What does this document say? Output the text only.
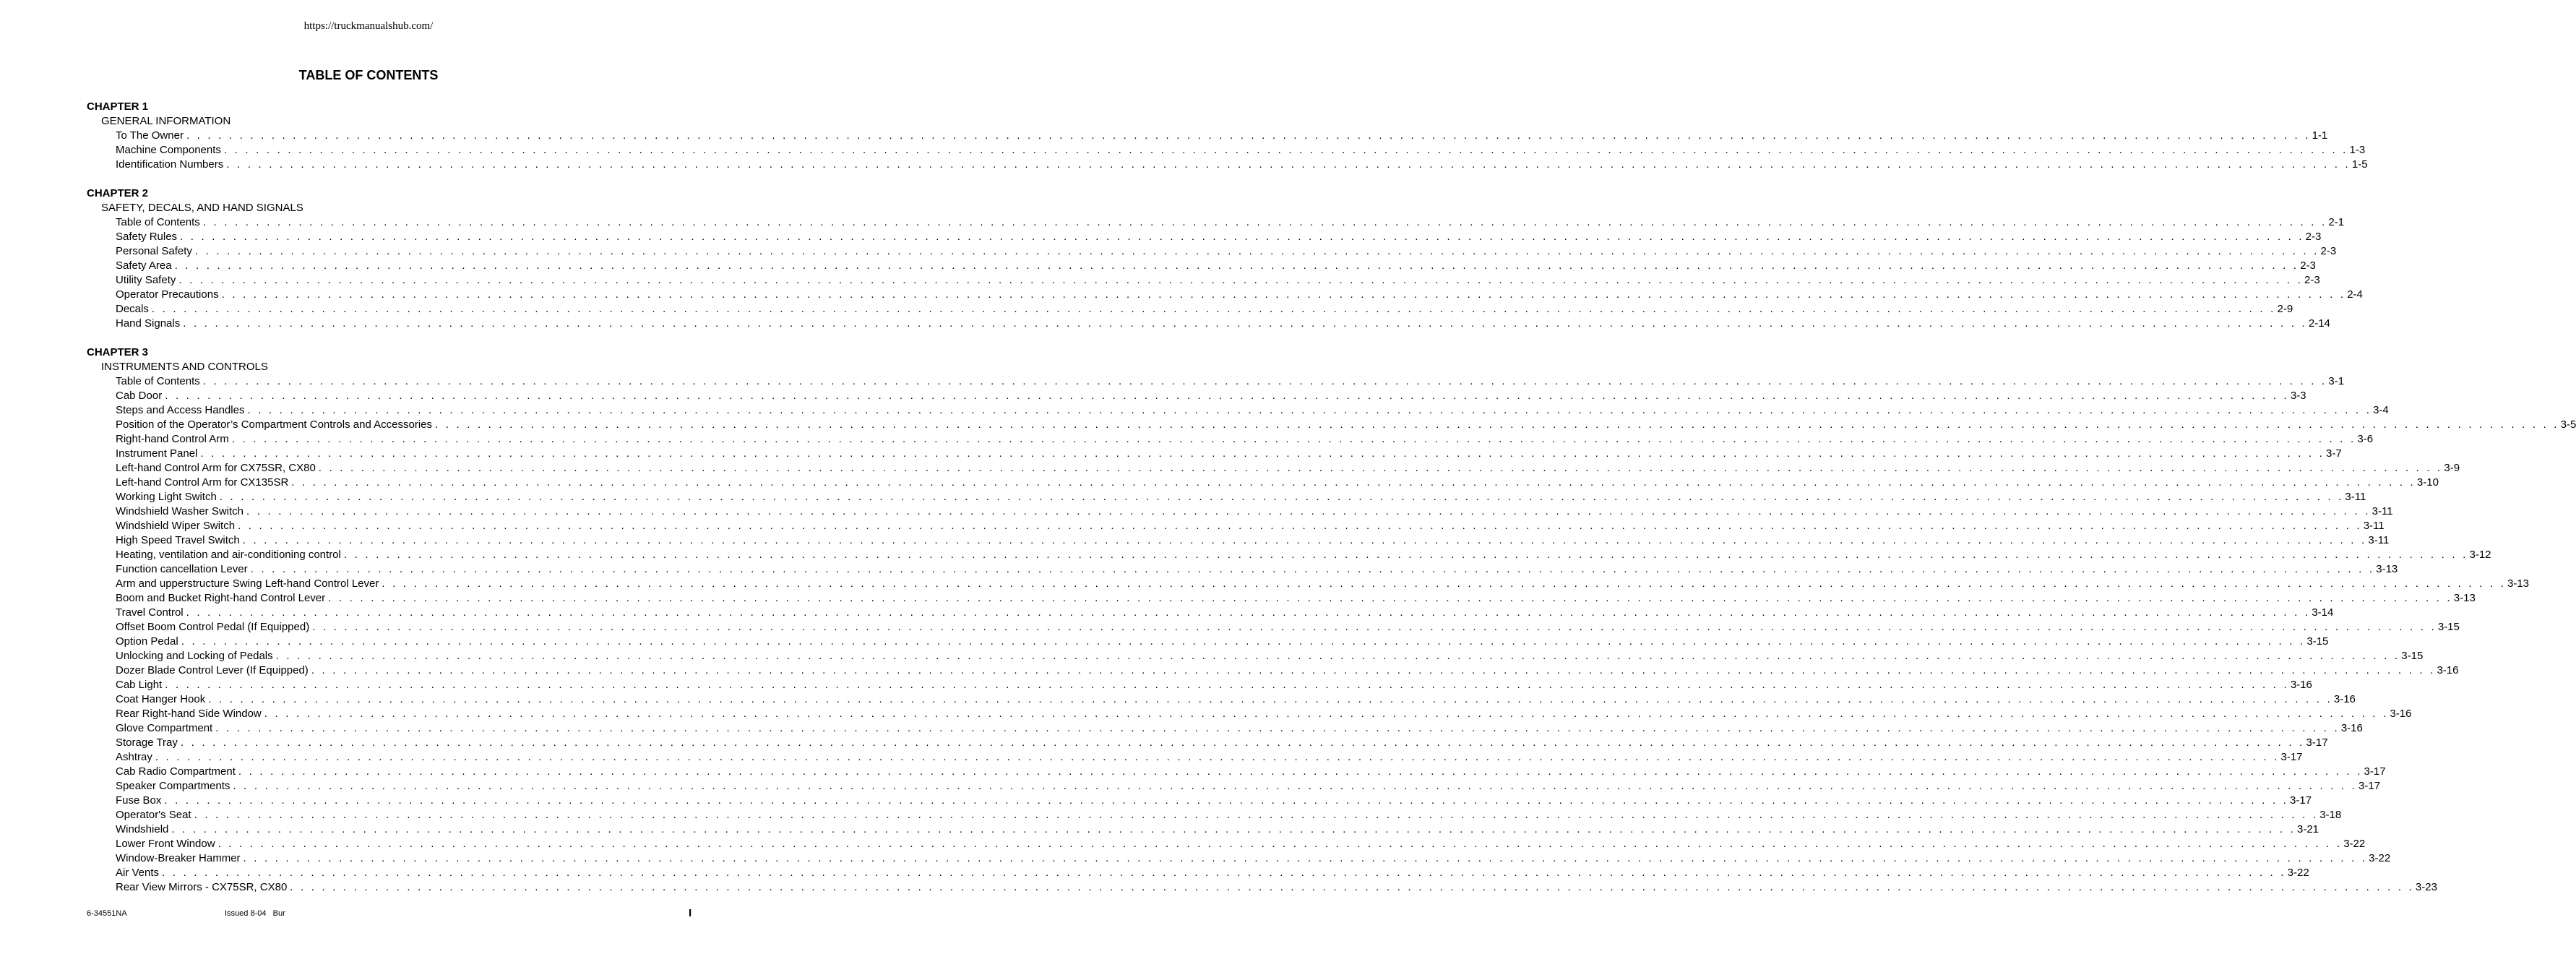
https://truckmanualshub.com/
TABLE OF CONTENTS
CHAPTER 1
GENERAL INFORMATION
To The Owner . . . . . . . . . . . . . . . . . . . . . . . . . . . . . . . . . . . . . . . . . . . . . . . . . . . . . . . . . . . . . . . . . . . . . . . . . . . . . . . . . . . . . . . . . . . . . . . . . . . . . . . . . . . . . . . . . . . . . . . . . . . . . . . . . . . . . . . . . . . . . . . . . . . . . . . . . . . . . . . . . . . . . . . . . . . . . . . . . . . . . . . . . . . . . . . . . . . . . . . . 1-1
Machine Components . . . . . . . . . . . . . . . . . . . . . . . . . . . . . . . . . . . . . . . . . . . . . . . . . . . . . . . . . . . . . . . . . . . . . . . . . . . . . . . . . . . . . . . . . . . . . . . . . . . . . . . . . . . . . . . . . . . . . . . . . . . . . . . . . . . . . . . . . . . . . . . . . . . . . . . . . . . . . . . . . . . . . . . . . . . . . . . . . . . . . . . . . . . . . . . . . . . . . . . . 1-3
Identification Numbers . . . . . . . . . . . . . . . . . . . . . . . . . . . . . . . . . . . . . . . . . . . . . . . . . . . . . . . . . . . . . . . . . . . . . . . . . . . . . . . . . . . . . . . . . . . . . . . . . . . . . . . . . . . . . . . . . . . . . . . . . . . . . . . . . . . . . . . . . . . . . . . . . . . . . . . . . . . . . . . . . . . . . . . . . . . . . . . . . . . . . . . . . . . . . . . . . . . . . . . . 1-5
CHAPTER 2
SAFETY, DECALS, AND HAND SIGNALS
Table of Contents . . . . . . . . . . . . . . . . . . . . . . . . . . . . . . . . . . . . . . . . . . . . . . . . . . . . . . . . . . . . . . . . . . . . . . . . . . . . . . . . . . . . . . . . . . . . . . . . . . . . . . . . . . . . . . . . . . . . . . . . . . . . . . . . . . . . . . . . . . . . . . . . . . . . . . . . . . . . . . . . . . . . . . . . . . . . . . . . . . . . . . . . . . . . . . . . . . . . . . . . 2-1
Safety Rules . . . . . . . . . . . . . . . . . . . . . . . . . . . . . . . . . . . . . . . . . . . . . . . . . . . . . . . . . . . . . . . . . . . . . . . . . . . . . . . . . . . . . . . . . . . . . . . . . . . . . . . . . . . . . . . . . . . . . . . . . . . . . . . . . . . . . . . . . . . . . . . . . . . . . . . . . . . . . . . . . . . . . . . . . . . . . . . . . . . . . . . . . . . . . . . . . . . . . . . . 2-3
Personal Safety . . . . . . . . . . . . . . . . . . . . . . . . . . . . . . . . . . . . . . . . . . . . . . . . . . . . . . . . . . . . . . . . . . . . . . . . . . . . . . . . . . . . . . . . . . . . . . . . . . . . . . . . . . . . . . . . . . . . . . . . . . . . . . . . . . . . . . . . . . . . . . . . . . . . . . . . . . . . . . . . . . . . . . . . . . . . . . . . . . . . . . . . . . . . . . . . . . . . . . . . 2-3
Safety Area . . . . . . . . . . . . . . . . . . . . . . . . . . . . . . . . . . . . . . . . . . . . . . . . . . . . . . . . . . . . . . . . . . . . . . . . . . . . . . . . . . . . . . . . . . . . . . . . . . . . . . . . . . . . . . . . . . . . . . . . . . . . . . . . . . . . . . . . . . . . . . . . . . . . . . . . . . . . . . . . . . . . . . . . . . . . . . . . . . . . . . . . . . . . . . . . . . . . . . . . 2-3
Utility Safety . . . . . . . . . . . . . . . . . . . . . . . . . . . . . . . . . . . . . . . . . . . . . . . . . . . . . . . . . . . . . . . . . . . . . . . . . . . . . . . . . . . . . . . . . . . . . . . . . . . . . . . . . . . . . . . . . . . . . . . . . . . . . . . . . . . . . . . . . . . . . . . . . . . . . . . . . . . . . . . . . . . . . . . . . . . . . . . . . . . . . . . . . . . . . . . . . . . . . . . . 2-3
Operator Precautions . . . . . . . . . . . . . . . . . . . . . . . . . . . . . . . . . . . . . . . . . . . . . . . . . . . . . . . . . . . . . . . . . . . . . . . . . . . . . . . . . . . . . . . . . . . . . . . . . . . . . . . . . . . . . . . . . . . . . . . . . . . . . . . . . . . . . . . . . . . . . . . . . . . . . . . . . . . . . . . . . . . . . . . . . . . . . . . . . . . . . . . . . . . . . . . . . . . . . . . . 2-4
Decals . . . . . . . . . . . . . . . . . . . . . . . . . . . . . . . . . . . . . . . . . . . . . . . . . . . . . . . . . . . . . . . . . . . . . . . . . . . . . . . . . . . . . . . . . . . . . . . . . . . . . . . . . . . . . . . . . . . . . . . . . . . . . . . . . . . . . . . . . . . . . . . . . . . . . . . . . . . . . . . . . . . . . . . . . . . . . . . . . . . . . . . . . . . . . . . . . . . . . . . . 2-9
Hand Signals . . . . . . . . . . . . . . . . . . . . . . . . . . . . . . . . . . . . . . . . . . . . . . . . . . . . . . . . . . . . . . . . . . . . . . . . . . . . . . . . . . . . . . . . . . . . . . . . . . . . . . . . . . . . . . . . . . . . . . . . . . . . . . . . . . . . . . . . . . . . . . . . . . . . . . . . . . . . . . . . . . . . . . . . . . . . . . . . . . . . . . . . . . . . . . . . . . . . . . . . 2-14
CHAPTER 3
INSTRUMENTS AND CONTROLS
Table of Contents . . . . . . . . . . . . . . . . . . . . . . . . . . . . . . . . . . . . . . . . . . . . . . . . . . . . . . . . . . . . . . . . . . . . . . . . . . . . . . . . . . . . . . . . . . . . . . . . . . . . . . . . . . . . . . . . . . . . . . . . . . . . . . . . . . . . . . . . . . . . . . . . . . . . . . . . . . . . . . . . . . . . . . . . . . . . . . . . . . . . . . . . . . . . . . . . . . . . . . . . 3-1
Cab Door . . . . . . . . . . . . . . . . . . . . . . . . . . . . . . . . . . . . . . . . . . . . . . . . . . . . . . . . . . . . . . . . . . . . . . . . . . . . . . . . . . . . . . . . . . . . . . . . . . . . . . . . . . . . . . . . . . . . . . . . . . . . . . . . . . . . . . . . . . . . . . . . . . . . . . . . . . . . . . . . . . . . . . . . . . . . . . . . . . . . . . . . . . . . . . . . . . . . . . . . 3-3
Steps and Access Handles . . . . . . . . . . . . . . . . . . . . . . . . . . . . . . . . . . . . . . . . . . . . . . . . . . . . . . . . . . . . . . . . . . . . . . . . . . . . . . . . . . . . . . . . . . . . . . . . . . . . . . . . . . . . . . . . . . . . . . . . . . . . . . . . . . . . . . . . . . . . . . . . . . . . . . . . . . . . . . . . . . . . . . . . . . . . . . . . . . . . . . . . . . . . . . . . . . . . . . . . 3-4
Position of the Operator’s Compartment Controls and Accessories . . . . . . . . . . . . . . . . . . . . . . . . . . . . . . . . . . . . . . . . . . . . . . . . . . . . . . . . . . . . . . . . . . . . . . . . . . . . . . . . . . . . . . . . . . . . . . . . . . . . . . . . . . . . . . . . . . . . . . . . . . . . . . . . . . . . . . . . . . . . . . . . . . . . . . . . . . . . . . . . . . . . . . . . . . . . . . . . . . . . . . . . . . . . . . . . . . . . . . . . 3-5
Right-hand Control Arm . . . . . . . . . . . . . . . . . . . . . . . . . . . . . . . . . . . . . . . . . . . . . . . . . . . . . . . . . . . . . . . . . . . . . . . . . . . . . . . . . . . . . . . . . . . . . . . . . . . . . . . . . . . . . . . . . . . . . . . . . . . . . . . . . . . . . . . . . . . . . . . . . . . . . . . . . . . . . . . . . . . . . . . . . . . . . . . . . . . . . . . . . . . . . . . . . . . . . . . . 3-6
Instrument Panel . . . . . . . . . . . . . . . . . . . . . . . . . . . . . . . . . . . . . . . . . . . . . . . . . . . . . . . . . . . . . . . . . . . . . . . . . . . . . . . . . . . . . . . . . . . . . . . . . . . . . . . . . . . . . . . . . . . . . . . . . . . . . . . . . . . . . . . . . . . . . . . . . . . . . . . . . . . . . . . . . . . . . . . . . . . . . . . . . . . . . . . . . . . . . . . . . . . . . . . . 3-7
Left-hand Control Arm for CX75SR, CX80 . . . . . . . . . . . . . . . . . . . . . . . . . . . . . . . . . . . . . . . . . . . . . . . . . . . . . . . . . . . . . . . . . . . . . . . . . . . . . . . . . . . . . . . . . . . . . . . . . . . . . . . . . . . . . . . . . . . . . . . . . . . . . . . . . . . . . . . . . . . . . . . . . . . . . . . . . . . . . . . . . . . . . . . . . . . . . . . . . . . . . . . . . . . . . . . . . . . . . . . . 3-9
Left-hand Control Arm for CX135SR . . . . . . . . . . . . . . . . . . . . . . . . . . . . . . . . . . . . . . . . . . . . . . . . . . . . . . . . . . . . . . . . . . . . . . . . . . . . . . . . . . . . . . . . . . . . . . . . . . . . . . . . . . . . . . . . . . . . . . . . . . . . . . . . . . . . . . . . . . . . . . . . . . . . . . . . . . . . . . . . . . . . . . . . . . . . . . . . . . . . . . . . . . . . . . . . . . . . . . . . 3-10
Working Light Switch . . . . . . . . . . . . . . . . . . . . . . . . . . . . . . . . . . . . . . . . . . . . . . . . . . . . . . . . . . . . . . . . . . . . . . . . . . . . . . . . . . . . . . . . . . . . . . . . . . . . . . . . . . . . . . . . . . . . . . . . . . . . . . . . . . . . . . . . . . . . . . . . . . . . . . . . . . . . . . . . . . . . . . . . . . . . . . . . . . . . . . . . . . . . . . . . . . . . . . . . 3-11
Windshield Washer Switch . . . . . . . . . . . . . . . . . . . . . . . . . . . . . . . . . . . . . . . . . . . . . . . . . . . . . . . . . . . . . . . . . . . . . . . . . . . . . . . . . . . . . . . . . . . . . . . . . . . . . . . . . . . . . . . . . . . . . . . . . . . . . . . . . . . . . . . . . . . . . . . . . . . . . . . . . . . . . . . . . . . . . . . . . . . . . . . . . . . . . . . . . . . . . . . . . . . . . . . . 3-11
Windshield Wiper Switch . . . . . . . . . . . . . . . . . . . . . . . . . . . . . . . . . . . . . . . . . . . . . . . . . . . . . . . . . . . . . . . . . . . . . . . . . . . . . . . . . . . . . . . . . . . . . . . . . . . . . . . . . . . . . . . . . . . . . . . . . . . . . . . . . . . . . . . . . . . . . . . . . . . . . . . . . . . . . . . . . . . . . . . . . . . . . . . . . . . . . . . . . . . . . . . . . . . . . . . . 3-11
High Speed Travel Switch . . . . . . . . . . . . . . . . . . . . . . . . . . . . . . . . . . . . . . . . . . . . . . . . . . . . . . . . . . . . . . . . . . . . . . . . . . . . . . . . . . . . . . . . . . . . . . . . . . . . . . . . . . . . . . . . . . . . . . . . . . . . . . . . . . . . . . . . . . . . . . . . . . . . . . . . . . . . . . . . . . . . . . . . . . . . . . . . . . . . . . . . . . . . . . . . . . . . . . . . 3-11
Heating, ventilation and air-conditioning control . . . . . . . . . . . . . . . . . . . . . . . . . . . . . . . . . . . . . . . . . . . . . . . . . . . . . . . . . . . . . . . . . . . . . . . . . . . . . . . . . . . . . . . . . . . . . . . . . . . . . . . . . . . . . . . . . . . . . . . . . . . . . . . . . . . . . . . . . . . . . . . . . . . . . . . . . . . . . . . . . . . . . . . . . . . . . . . . . . . . . . . . . . . . . . . . . . . . . . . . 3-12
Function cancellation Lever . . . . . . . . . . . . . . . . . . . . . . . . . . . . . . . . . . . . . . . . . . . . . . . . . . . . . . . . . . . . . . . . . . . . . . . . . . . . . . . . . . . . . . . . . . . . . . . . . . . . . . . . . . . . . . . . . . . . . . . . . . . . . . . . . . . . . . . . . . . . . . . . . . . . . . . . . . . . . . . . . . . . . . . . . . . . . . . . . . . . . . . . . . . . . . . . . . . . . . . . 3-13
Arm and upperstructure Swing Left-hand Control Lever . . . . . . . . . . . . . . . . . . . . . . . . . . . . . . . . . . . . . . . . . . . . . . . . . . . . . . . . . . . . . . . . . . . . . . . . . . . . . . . . . . . . . . . . . . . . . . . . . . . . . . . . . . . . . . . . . . . . . . . . . . . . . . . . . . . . . . . . . . . . . . . . . . . . . . . . . . . . . . . . . . . . . . . . . . . . . . . . . . . . . . . . . . . . . . . . . . . . . . . . 3-13
Boom and Bucket Right-hand Control Lever . . . . . . . . . . . . . . . . . . . . . . . . . . . . . . . . . . . . . . . . . . . . . . . . . . . . . . . . . . . . . . . . . . . . . . . . . . . . . . . . . . . . . . . . . . . . . . . . . . . . . . . . . . . . . . . . . . . . . . . . . . . . . . . . . . . . . . . . . . . . . . . . . . . . . . . . . . . . . . . . . . . . . . . . . . . . . . . . . . . . . . . . . . . . . . . . . . . . . . . . 3-13
Travel Control . . . . . . . . . . . . . . . . . . . . . . . . . . . . . . . . . . . . . . . . . . . . . . . . . . . . . . . . . . . . . . . . . . . . . . . . . . . . . . . . . . . . . . . . . . . . . . . . . . . . . . . . . . . . . . . . . . . . . . . . . . . . . . . . . . . . . . . . . . . . . . . . . . . . . . . . . . . . . . . . . . . . . . . . . . . . . . . . . . . . . . . . . . . . . . . . . . . . . . . . 3-14
Offset Boom Control Pedal (If Equipped) . . . . . . . . . . . . . . . . . . . . . . . . . . . . . . . . . . . . . . . . . . . . . . . . . . . . . . . . . . . . . . . . . . . . . . . . . . . . . . . . . . . . . . . . . . . . . . . . . . . . . . . . . . . . . . . . . . . . . . . . . . . . . . . . . . . . . . . . . . . . . . . . . . . . . . . . . . . . . . . . . . . . . . . . . . . . . . . . . . . . . . . . . . . . . . . . . . . . . . . . 3-15
Option Pedal . . . . . . . . . . . . . . . . . . . . . . . . . . . . . . . . . . . . . . . . . . . . . . . . . . . . . . . . . . . . . . . . . . . . . . . . . . . . . . . . . . . . . . . . . . . . . . . . . . . . . . . . . . . . . . . . . . . . . . . . . . . . . . . . . . . . . . . . . . . . . . . . . . . . . . . . . . . . . . . . . . . . . . . . . . . . . . . . . . . . . . . . . . . . . . . . . . . . . . . . 3-15
Unlocking and Locking of Pedals . . . . . . . . . . . . . . . . . . . . . . . . . . . . . . . . . . . . . . . . . . . . . . . . . . . . . . . . . . . . . . . . . . . . . . . . . . . . . . . . . . . . . . . . . . . . . . . . . . . . . . . . . . . . . . . . . . . . . . . . . . . . . . . . . . . . . . . . . . . . . . . . . . . . . . . . . . . . . . . . . . . . . . . . . . . . . . . . . . . . . . . . . . . . . . . . . . . . . . . . 3-15
Dozer Blade Control Lever (If Equipped) . . . . . . . . . . . . . . . . . . . . . . . . . . . . . . . . . . . . . . . . . . . . . . . . . . . . . . . . . . . . . . . . . . . . . . . . . . . . . . . . . . . . . . . . . . . . . . . . . . . . . . . . . . . . . . . . . . . . . . . . . . . . . . . . . . . . . . . . . . . . . . . . . . . . . . . . . . . . . . . . . . . . . . . . . . . . . . . . . . . . . . . . . . . . . . . . . . . . . . . . 3-16
Cab Light . . . . . . . . . . . . . . . . . . . . . . . . . . . . . . . . . . . . . . . . . . . . . . . . . . . . . . . . . . . . . . . . . . . . . . . . . . . . . . . . . . . . . . . . . . . . . . . . . . . . . . . . . . . . . . . . . . . . . . . . . . . . . . . . . . . . . . . . . . . . . . . . . . . . . . . . . . . . . . . . . . . . . . . . . . . . . . . . . . . . . . . . . . . . . . . . . . . . . . . . 3-16
Coat Hanger Hook . . . . . . . . . . . . . . . . . . . . . . . . . . . . . . . . . . . . . . . . . . . . . . . . . . . . . . . . . . . . . . . . . . . . . . . . . . . . . . . . . . . . . . . . . . . . . . . . . . . . . . . . . . . . . . . . . . . . . . . . . . . . . . . . . . . . . . . . . . . . . . . . . . . . . . . . . . . . . . . . . . . . . . . . . . . . . . . . . . . . . . . . . . . . . . . . . . . . . . . . 3-16
Rear Right-hand Side Window . . . . . . . . . . . . . . . . . . . . . . . . . . . . . . . . . . . . . . . . . . . . . . . . . . . . . . . . . . . . . . . . . . . . . . . . . . . . . . . . . . . . . . . . . . . . . . . . . . . . . . . . . . . . . . . . . . . . . . . . . . . . . . . . . . . . . . . . . . . . . . . . . . . . . . . . . . . . . . . . . . . . . . . . . . . . . . . . . . . . . . . . . . . . . . . . . . . . . . . . 3-16
Glove Compartment . . . . . . . . . . . . . . . . . . . . . . . . . . . . . . . . . . . . . . . . . . . . . . . . . . . . . . . . . . . . . . . . . . . . . . . . . . . . . . . . . . . . . . . . . . . . . . . . . . . . . . . . . . . . . . . . . . . . . . . . . . . . . . . . . . . . . . . . . . . . . . . . . . . . . . . . . . . . . . . . . . . . . . . . . . . . . . . . . . . . . . . . . . . . . . . . . . . . . . . . 3-16
Storage Tray . . . . . . . . . . . . . . . . . . . . . . . . . . . . . . . . . . . . . . . . . . . . . . . . . . . . . . . . . . . . . . . . . . . . . . . . . . . . . . . . . . . . . . . . . . . . . . . . . . . . . . . . . . . . . . . . . . . . . . . . . . . . . . . . . . . . . . . . . . . . . . . . . . . . . . . . . . . . . . . . . . . . . . . . . . . . . . . . . . . . . . . . . . . . . . . . . . . . . . . . 3-17
Ashtray . . . . . . . . . . . . . . . . . . . . . . . . . . . . . . . . . . . . . . . . . . . . . . . . . . . . . . . . . . . . . . . . . . . . . . . . . . . . . . . . . . . . . . . . . . . . . . . . . . . . . . . . . . . . . . . . . . . . . . . . . . . . . . . . . . . . . . . . . . . . . . . . . . . . . . . . . . . . . . . . . . . . . . . . . . . . . . . . . . . . . . . . . . . . . . . . . . . . . . . . 3-17
Cab Radio Compartment . . . . . . . . . . . . . . . . . . . . . . . . . . . . . . . . . . . . . . . . . . . . . . . . . . . . . . . . . . . . . . . . . . . . . . . . . . . . . . . . . . . . . . . . . . . . . . . . . . . . . . . . . . . . . . . . . . . . . . . . . . . . . . . . . . . . . . . . . . . . . . . . . . . . . . . . . . . . . . . . . . . . . . . . . . . . . . . . . . . . . . . . . . . . . . . . . . . . . . . . 3-17
Speaker Compartments . . . . . . . . . . . . . . . . . . . . . . . . . . . . . . . . . . . . . . . . . . . . . . . . . . . . . . . . . . . . . . . . . . . . . . . . . . . . . . . . . . . . . . . . . . . . . . . . . . . . . . . . . . . . . . . . . . . . . . . . . . . . . . . . . . . . . . . . . . . . . . . . . . . . . . . . . . . . . . . . . . . . . . . . . . . . . . . . . . . . . . . . . . . . . . . . . . . . . . . . 3-17
Fuse Box . . . . . . . . . . . . . . . . . . . . . . . . . . . . . . . . . . . . . . . . . . . . . . . . . . . . . . . . . . . . . . . . . . . . . . . . . . . . . . . . . . . . . . . . . . . . . . . . . . . . . . . . . . . . . . . . . . . . . . . . . . . . . . . . . . . . . . . . . . . . . . . . . . . . . . . . . . . . . . . . . . . . . . . . . . . . . . . . . . . . . . . . . . . . . . . . . . . . . . . . 3-17
Operator's Seat . . . . . . . . . . . . . . . . . . . . . . . . . . . . . . . . . . . . . . . . . . . . . . . . . . . . . . . . . . . . . . . . . . . . . . . . . . . . . . . . . . . . . . . . . . . . . . . . . . . . . . . . . . . . . . . . . . . . . . . . . . . . . . . . . . . . . . . . . . . . . . . . . . . . . . . . . . . . . . . . . . . . . . . . . . . . . . . . . . . . . . . . . . . . . . . . . . . . . . . . 3-18
Windshield . . . . . . . . . . . . . . . . . . . . . . . . . . . . . . . . . . . . . . . . . . . . . . . . . . . . . . . . . . . . . . . . . . . . . . . . . . . . . . . . . . . . . . . . . . . . . . . . . . . . . . . . . . . . . . . . . . . . . . . . . . . . . . . . . . . . . . . . . . . . . . . . . . . . . . . . . . . . . . . . . . . . . . . . . . . . . . . . . . . . . . . . . . . . . . . . . . . . . . . . 3-21
Lower Front Window . . . . . . . . . . . . . . . . . . . . . . . . . . . . . . . . . . . . . . . . . . . . . . . . . . . . . . . . . . . . . . . . . . . . . . . . . . . . . . . . . . . . . . . . . . . . . . . . . . . . . . . . . . . . . . . . . . . . . . . . . . . . . . . . . . . . . . . . . . . . . . . . . . . . . . . . . . . . . . . . . . . . . . . . . . . . . . . . . . . . . . . . . . . . . . . . . . . . . . . . 3-22
Window-Breaker Hammer . . . . . . . . . . . . . . . . . . . . . . . . . . . . . . . . . . . . . . . . . . . . . . . . . . . . . . . . . . . . . . . . . . . . . . . . . . . . . . . . . . . . . . . . . . . . . . . . . . . . . . . . . . . . . . . . . . . . . . . . . . . . . . . . . . . . . . . . . . . . . . . . . . . . . . . . . . . . . . . . . . . . . . . . . . . . . . . . . . . . . . . . . . . . . . . . . . . . . . . . 3-22
Air Vents . . . . . . . . . . . . . . . . . . . . . . . . . . . . . . . . . . . . . . . . . . . . . . . . . . . . . . . . . . . . . . . . . . . . . . . . . . . . . . . . . . . . . . . . . . . . . . . . . . . . . . . . . . . . . . . . . . . . . . . . . . . . . . . . . . . . . . . . . . . . . . . . . . . . . . . . . . . . . . . . . . . . . . . . . . . . . . . . . . . . . . . . . . . . . . . . . . . . . . . . 3-22
Rear View Mirrors - CX75SR, CX80 . . . . . . . . . . . . . . . . . . . . . . . . . . . . . . . . . . . . . . . . . . . . . . . . . . . . . . . . . . . . . . . . . . . . . . . . . . . . . . . . . . . . . . . . . . . . . . . . . . . . . . . . . . . . . . . . . . . . . . . . . . . . . . . . . . . . . . . . . . . . . . . . . . . . . . . . . . . . . . . . . . . . . . . . . . . . . . . . . . . . . . . . . . . . . . . . . . . . . . . . 3-23
6-34551NA	Issued 8-04   Bur	I
